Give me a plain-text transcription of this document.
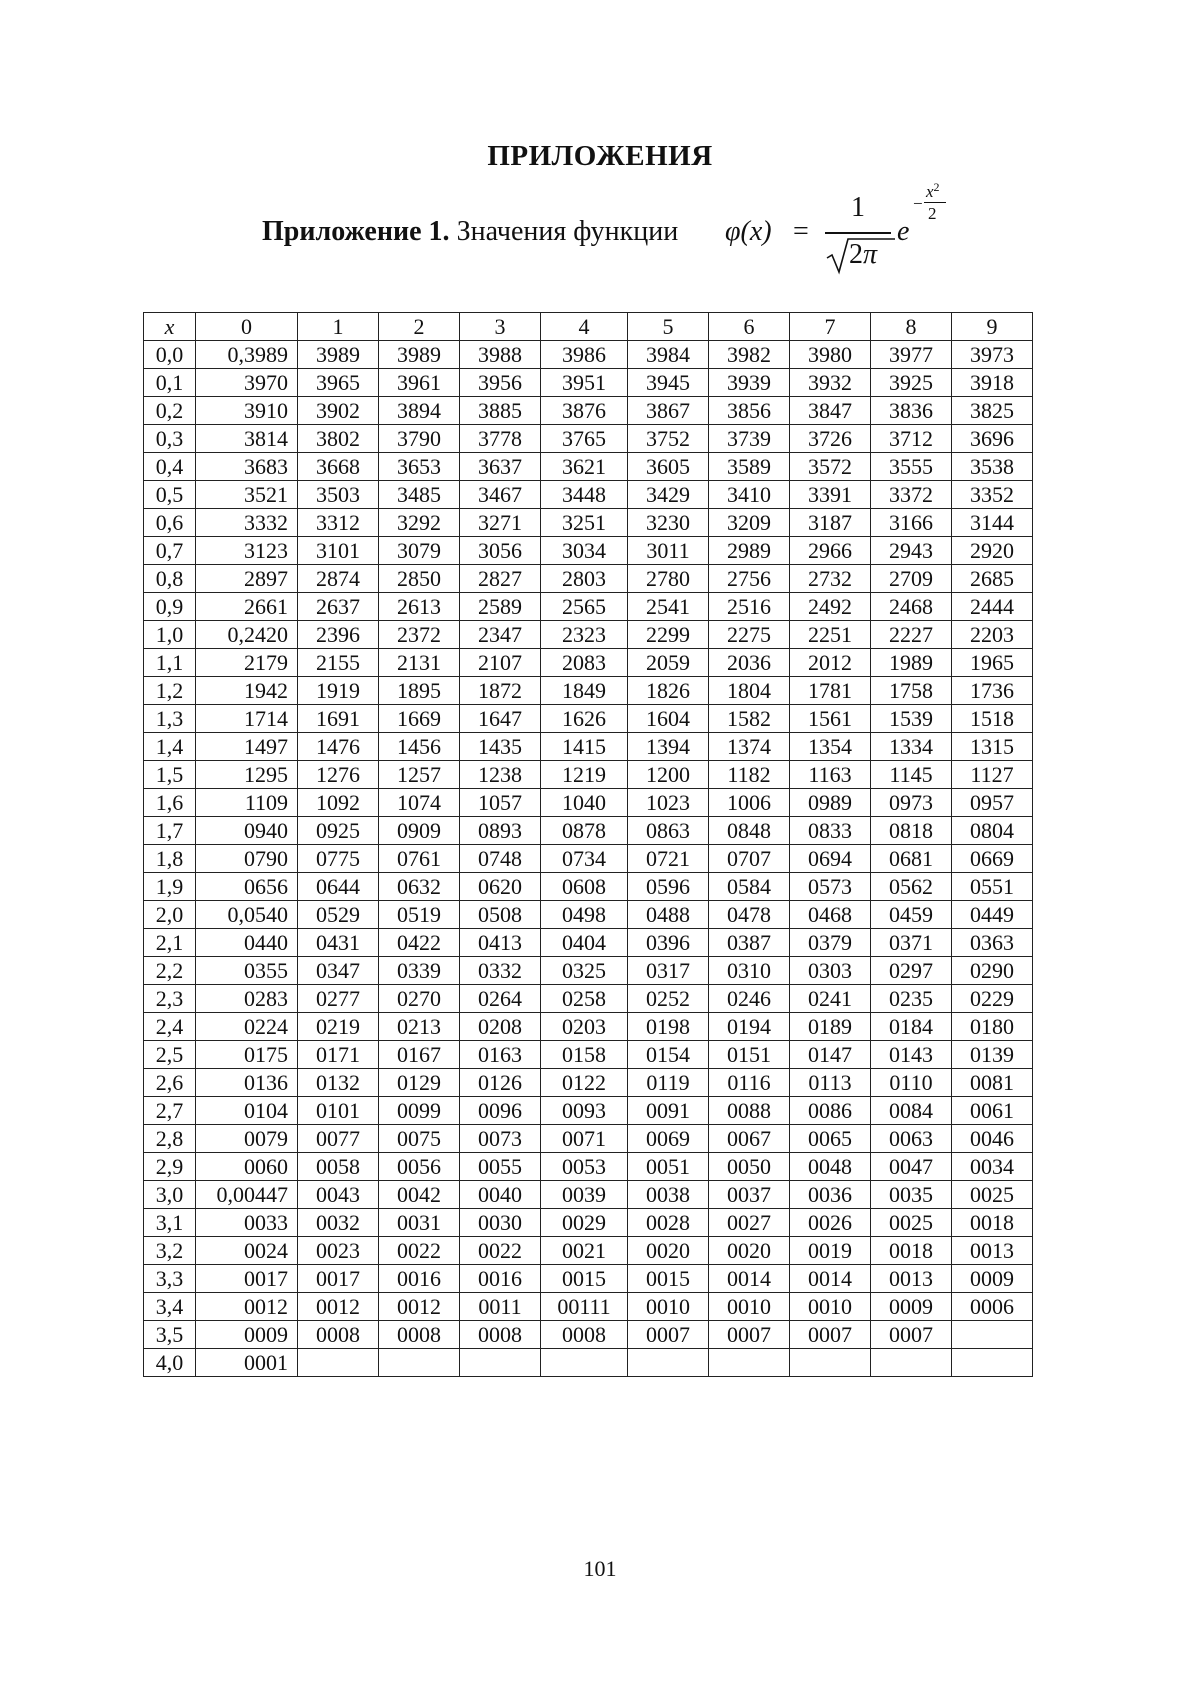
ПРИЛОЖЕНИЯ
Приложение 1. Значения функции φ(x) =
1
2π
e
−
$x^2$
2
x	0	1	2	3	4	5	6	7	8	9
0,0	0,3989	3989	3989	3988	3986	3984	3982	3980	3977	3973
0,1	3970	3965	3961	3956	3951	3945	3939	3932	3925	3918
0,2	3910	3902	3894	3885	3876	3867	3856	3847	3836	3825
0,3	3814	3802	3790	3778	3765	3752	3739	3726	3712	3696
0,4	3683	3668	3653	3637	3621	3605	3589	3572	3555	3538
0,5	3521	3503	3485	3467	3448	3429	3410	3391	3372	3352
0,6	3332	3312	3292	3271	3251	3230	3209	3187	3166	3144
0,7	3123	3101	3079	3056	3034	3011	2989	2966	2943	2920
0,8	2897	2874	2850	2827	2803	2780	2756	2732	2709	2685
0,9	2661	2637	2613	2589	2565	2541	2516	2492	2468	2444
1,0	0,2420	2396	2372	2347	2323	2299	2275	2251	2227	2203
1,1	2179	2155	2131	2107	2083	2059	2036	2012	1989	1965
1,2	1942	1919	1895	1872	1849	1826	1804	1781	1758	1736
1,3	1714	1691	1669	1647	1626	1604	1582	1561	1539	1518
1,4	1497	1476	1456	1435	1415	1394	1374	1354	1334	1315
1,5	1295	1276	1257	1238	1219	1200	1182	1163	1145	1127
1,6	1109	1092	1074	1057	1040	1023	1006	0989	0973	0957
1,7	0940	0925	0909	0893	0878	0863	0848	0833	0818	0804
1,8	0790	0775	0761	0748	0734	0721	0707	0694	0681	0669
1,9	0656	0644	0632	0620	0608	0596	0584	0573	0562	0551
2,0	0,0540	0529	0519	0508	0498	0488	0478	0468	0459	0449
2,1	0440	0431	0422	0413	0404	0396	0387	0379	0371	0363
2,2	0355	0347	0339	0332	0325	0317	0310	0303	0297	0290
2,3	0283	0277	0270	0264	0258	0252	0246	0241	0235	0229
2,4	0224	0219	0213	0208	0203	0198	0194	0189	0184	0180
2,5	0175	0171	0167	0163	0158	0154	0151	0147	0143	0139
2,6	0136	0132	0129	0126	0122	0119	0116	0113	0110	0081
2,7	0104	0101	0099	0096	0093	0091	0088	0086	0084	0061
2,8	0079	0077	0075	0073	0071	0069	0067	0065	0063	0046
2,9	0060	0058	0056	0055	0053	0051	0050	0048	0047	0034
3,0	0,00447	0043	0042	0040	0039	0038	0037	0036	0035	0025
3,1	0033	0032	0031	0030	0029	0028	0027	0026	0025	0018
3,2	0024	0023	0022	0022	0021	0020	0020	0019	0018	0013
3,3	0017	0017	0016	0016	0015	0015	0014	0014	0013	0009
3,4	0012	0012	0012	0011	00111	0010	0010	0010	0009	0006
3,5	0009	0008	0008	0008	0008	0007	0007	0007	0007	
4,0	0001									
101
